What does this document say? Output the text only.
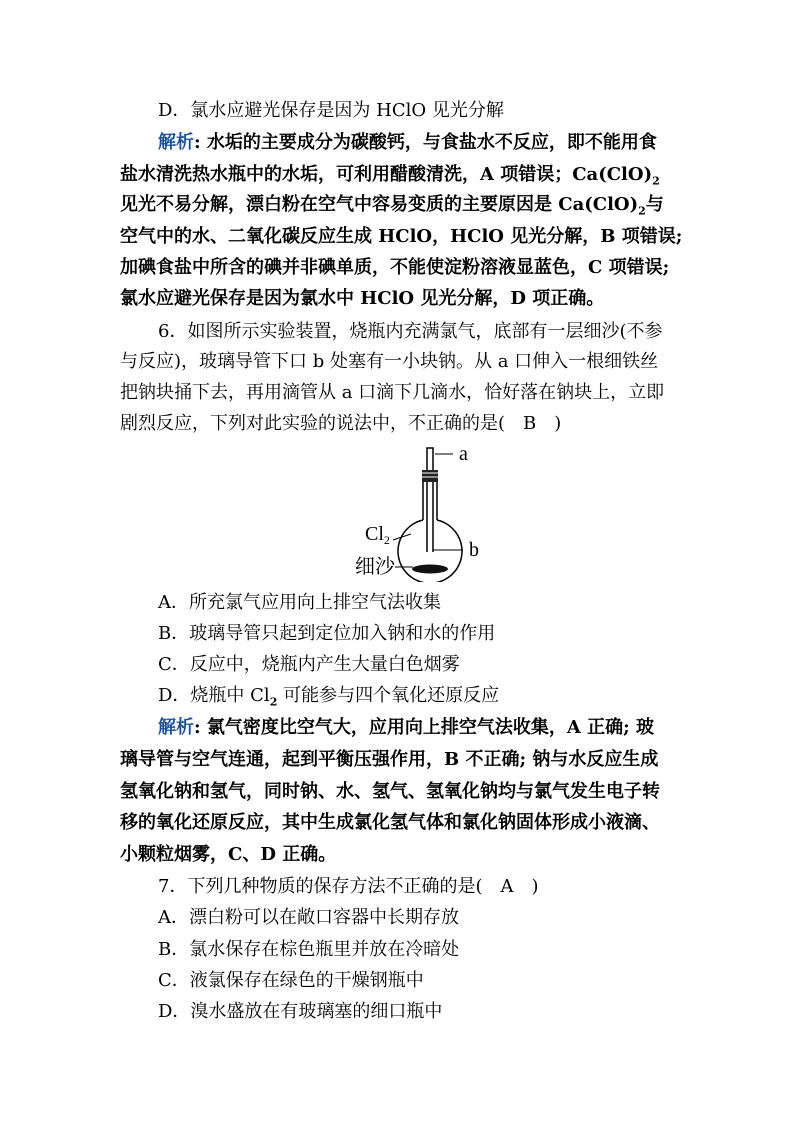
D．氯水应避光保存是因为 HClO 见光分解
解析: 水垢的主要成分为碳酸钙，与食盐水不反应，即不能用食
盐水清洗热水瓶中的水垢，可利用醋酸清洗，A 项错误；$Ca(ClO)_2$
见光不易分解，漂白粉在空气中容易变质的主要原因是 $Ca(ClO)_2$与
空气中的水、二氧化碳反应生成 HClO，HClO 见光分解，B 项错误;
加碘食盐中所含的碘并非碘单质，不能使淀粉溶液显蓝色，C 项错误;
氯水应避光保存是因为氯水中 HClO 见光分解，D 项正确。
6．如图所示实验装置，烧瓶内充满氯气，底部有一层细沙(不参
与反应)，玻璃导管下口 b 处塞有一小块钠。从 a 口伸入一根细铁丝
把钠块捅下去，再用滴管从 a 口滴下几滴水，恰好落在钠块上，立即
剧烈反应，下列对此实验的说法中，不正确的是(　B　)
a
b
$Cl_2$
细沙
A．所充氯气应用向上排空气法收集
B．玻璃导管只起到定位加入钠和水的作用
C．反应中，烧瓶内产生大量白色烟雾
D．烧瓶中 $Cl_2$ 可能参与四个氧化还原反应
解析: 氯气密度比空气大，应用向上排空气法收集，A 正确; 玻
璃导管与空气连通，起到平衡压强作用，B 不正确; 钠与水反应生成
氢氧化钠和氢气，同时钠、水、氢气、氢氧化钠均与氯气发生电子转
移的氧化还原反应，其中生成氯化氢气体和氯化钠固体形成小液滴、
小颗粒烟雾，C、D 正确。
7．下列几种物质的保存方法不正确的是(　A　)
A．漂白粉可以在敞口容器中长期存放
B．氯水保存在棕色瓶里并放在冷暗处
C．液氯保存在绿色的干燥钢瓶中
D．溴水盛放在有玻璃塞的细口瓶中
